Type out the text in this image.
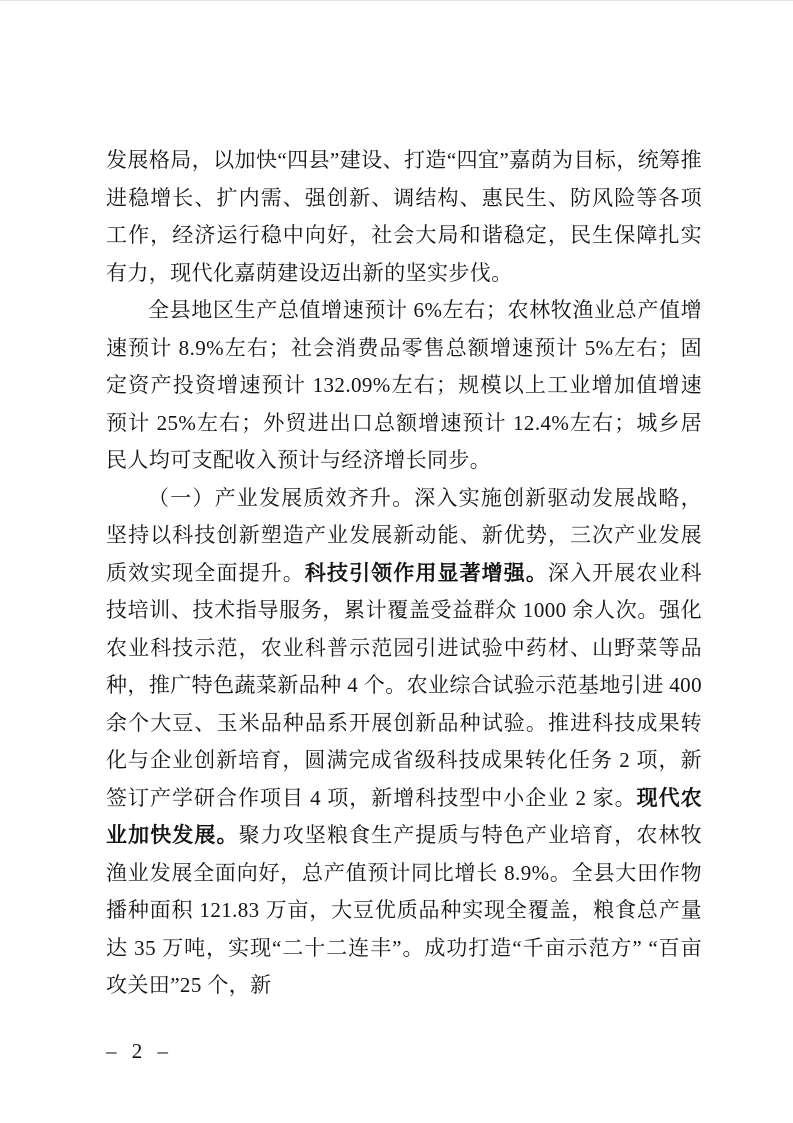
发展格局，以加快“四县”建设、打造“四宜”嘉荫为目标，统筹推进稳增长、扩内需、强创新、调结构、惠民生、防风险等各项工作，经济运行稳中向好，社会大局和谐稳定，民生保障扎实有力，现代化嘉荫建设迈出新的坚实步伐。

全县地区生产总值增速预计 6%左右；农林牧渔业总产值增速预计 8.9%左右；社会消费品零售总额增速预计 5%左右；固定资产投资增速预计 132.09%左右；规模以上工业增加值增速预计 25%左右；外贸进出口总额增速预计 12.4%左右；城乡居民人均可支配收入预计与经济增长同步。

（一）产业发展质效齐升。深入实施创新驱动发展战略，坚持以科技创新塑造产业发展新动能、新优势，三次产业发展质效实现全面提升。科技引领作用显著增强。深入开展农业科技培训、技术指导服务，累计覆盖受益群众 1000 余人次。强化农业科技示范，农业科普示范园引进试验中药材、山野菜等品种，推广特色蔬菜新品种 4 个。农业综合试验示范基地引进 400 余个大豆、玉米品种品系开展创新品种试验。推进科技成果转化与企业创新培育，圆满完成省级科技成果转化任务 2 项，新签订产学研合作项目 4 项，新增科技型中小企业 2 家。现代农业加快发展。聚力攻坚粮食生产提质与特色产业培育，农林牧渔业发展全面向好，总产值预计同比增长 8.9%。全县大田作物播种面积 121.83 万亩，大豆优质品种实现全覆盖，粮食总产量达 35 万吨，实现“二十二连丰”。成功打造“千亩示范方” “百亩攻关田”25 个，新

– 2 –
